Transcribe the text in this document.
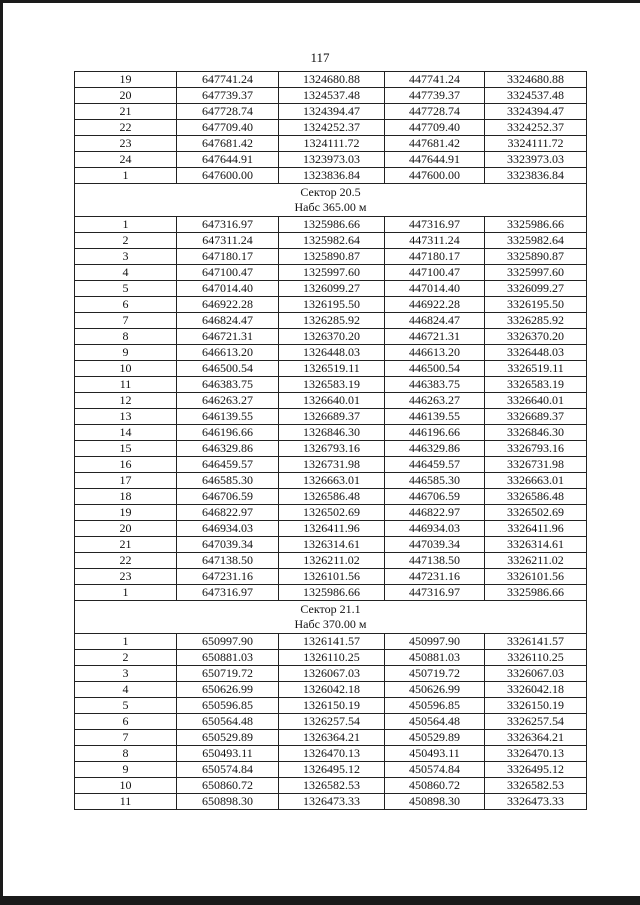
117
19	647741.24	1324680.88	447741.24	3324680.88
20	647739.37	1324537.48	447739.37	3324537.48
21	647728.74	1324394.47	447728.74	3324394.47
22	647709.40	1324252.37	447709.40	3324252.37
23	647681.42	1324111.72	447681.42	3324111.72
24	647644.91	1323973.03	447644.91	3323973.03
1	647600.00	1323836.84	447600.00	3323836.84

Сектор 20.5
Набс 365.00 м				

1	647316.97	1325986.66	447316.97	3325986.66
2	647311.24	1325982.64	447311.24	3325982.64
3	647180.17	1325890.87	447180.17	3325890.87
4	647100.47	1325997.60	447100.47	3325997.60
5	647014.40	1326099.27	447014.40	3326099.27
6	646922.28	1326195.50	446922.28	3326195.50
7	646824.47	1326285.92	446824.47	3326285.92
8	646721.31	1326370.20	446721.31	3326370.20
9	646613.20	1326448.03	446613.20	3326448.03
10	646500.54	1326519.11	446500.54	3326519.11
11	646383.75	1326583.19	446383.75	3326583.19
12	646263.27	1326640.01	446263.27	3326640.01
13	646139.55	1326689.37	446139.55	3326689.37
14	646196.66	1326846.30	446196.66	3326846.30
15	646329.86	1326793.16	446329.86	3326793.16
16	646459.57	1326731.98	446459.57	3326731.98
17	646585.30	1326663.01	446585.30	3326663.01
18	646706.59	1326586.48	446706.59	3326586.48
19	646822.97	1326502.69	446822.97	3326502.69
20	646934.03	1326411.96	446934.03	3326411.96
21	647039.34	1326314.61	447039.34	3326314.61
22	647138.50	1326211.02	447138.50	3326211.02
23	647231.16	1326101.56	447231.16	3326101.56
1	647316.97	1325986.66	447316.97	3325986.66

Сектор 21.1
Набс 370.00 м				

1	650997.90	1326141.57	450997.90	3326141.57
2	650881.03	1326110.25	450881.03	3326110.25
3	650719.72	1326067.03	450719.72	3326067.03
4	650626.99	1326042.18	450626.99	3326042.18
5	650596.85	1326150.19	450596.85	3326150.19
6	650564.48	1326257.54	450564.48	3326257.54
7	650529.89	1326364.21	450529.89	3326364.21
8	650493.11	1326470.13	450493.11	3326470.13
9	650574.84	1326495.12	450574.84	3326495.12
10	650860.72	1326582.53	450860.72	3326582.53
11	650898.30	1326473.33	450898.30	3326473.33
